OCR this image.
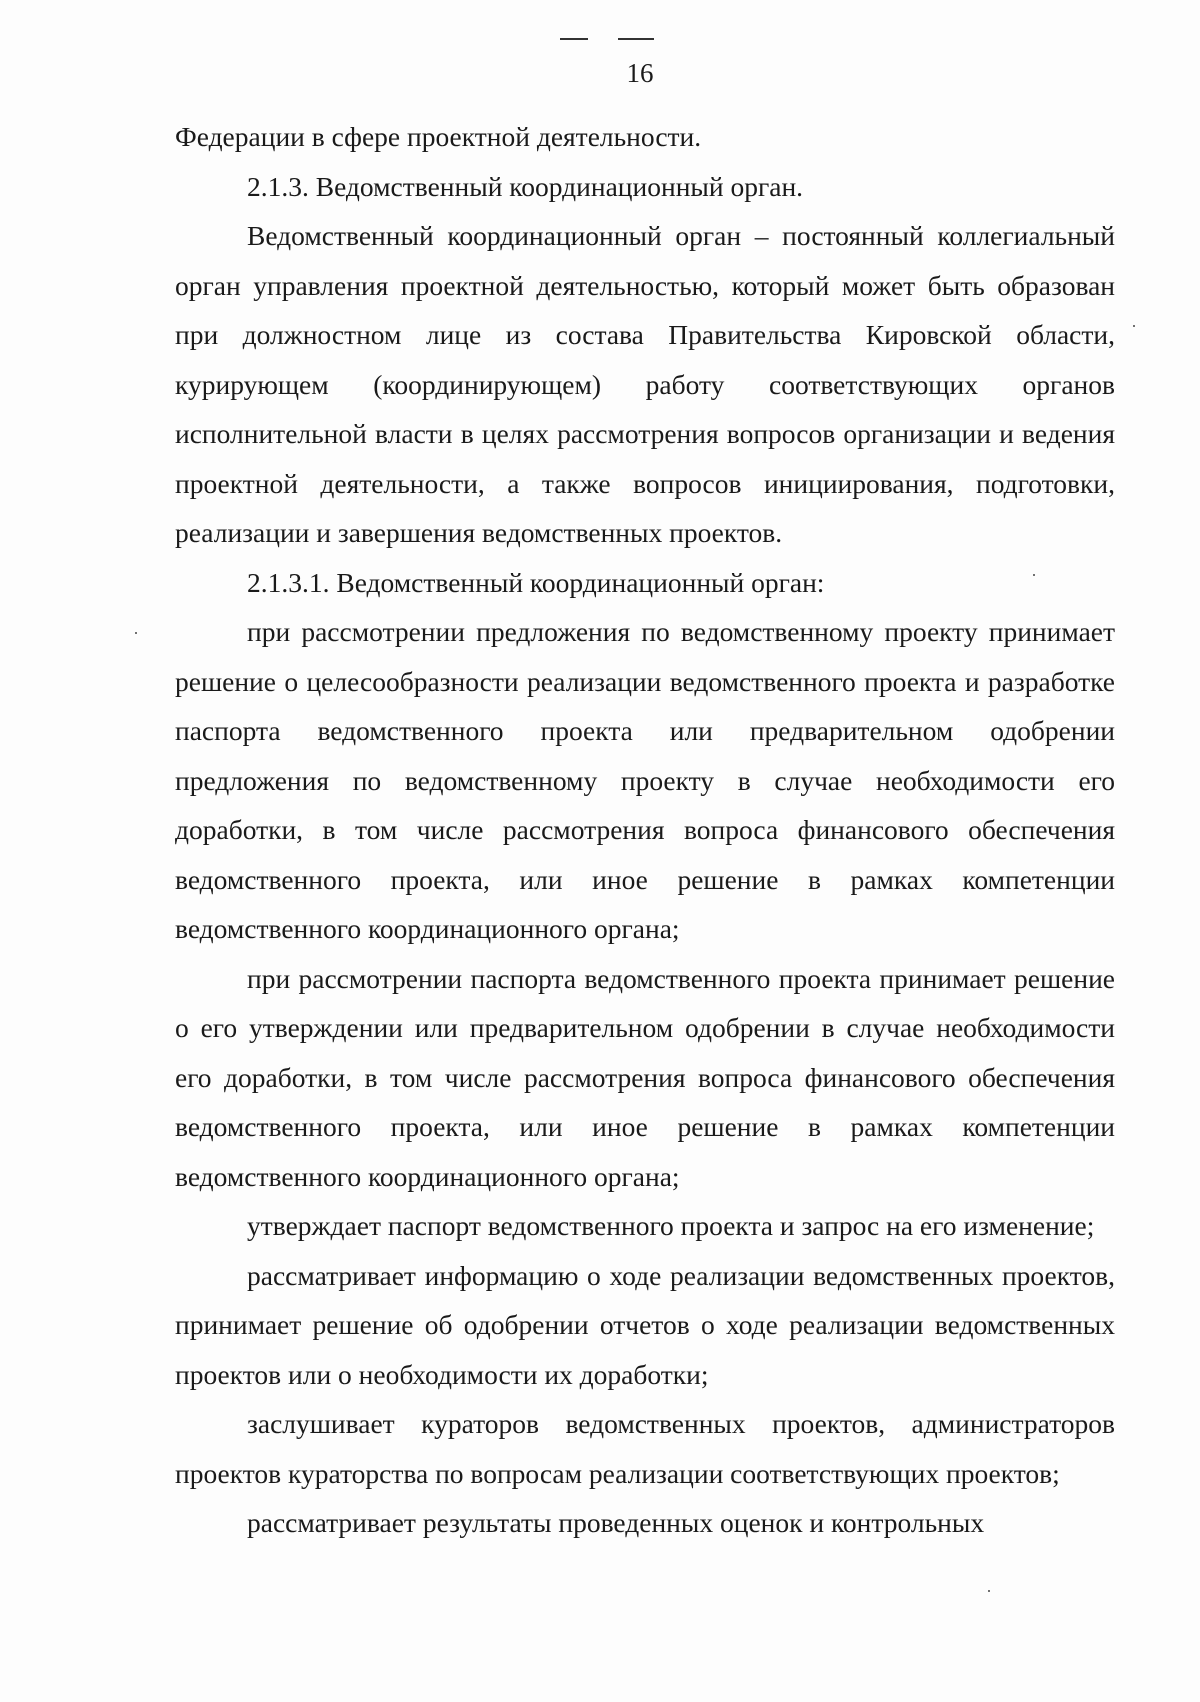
16

Федерации в сфере проектной деятельности.

2.1.3. Ведомственный координационный орган.

Ведомственный координационный орган – постоянный коллегиальный орган управления проектной деятельностью, который может быть образован при должностном лице из состава Правительства Кировской области, курирующем (координирующем) работу соответствующих органов исполнительной власти в целях рассмотрения вопросов организации и ведения проектной деятельности, а также вопросов инициирования, подготовки, реализации и завершения ведомственных проектов.

2.1.3.1. Ведомственный координационный орган:

при рассмотрении предложения по ведомственному проекту принимает решение о целесообразности реализации ведомственного проекта и разработке паспорта ведомственного проекта или предварительном одобрении предложения по ведомственному проекту в случае необходимости его доработки, в том числе рассмотрения вопроса финансового обеспечения ведомственного проекта, или иное решение в рамках компетенции ведомственного координационного органа;

при рассмотрении паспорта ведомственного проекта принимает решение о его утверждении или предварительном одобрении в случае необходимости его доработки, в том числе рассмотрения вопроса финансового обеспечения ведомственного проекта, или иное решение в рамках компетенции ведомственного координационного органа;

утверждает паспорт ведомственного проекта и запрос на его изменение;

рассматривает информацию о ходе реализации ведомственных проектов, принимает решение об одобрении отчетов о ходе реализации ведомственных проектов или о необходимости их доработки;

заслушивает кураторов ведомственных проектов, администраторов проектов кураторства по вопросам реализации соответствующих проектов;

рассматривает результаты проведенных оценок и контрольных
